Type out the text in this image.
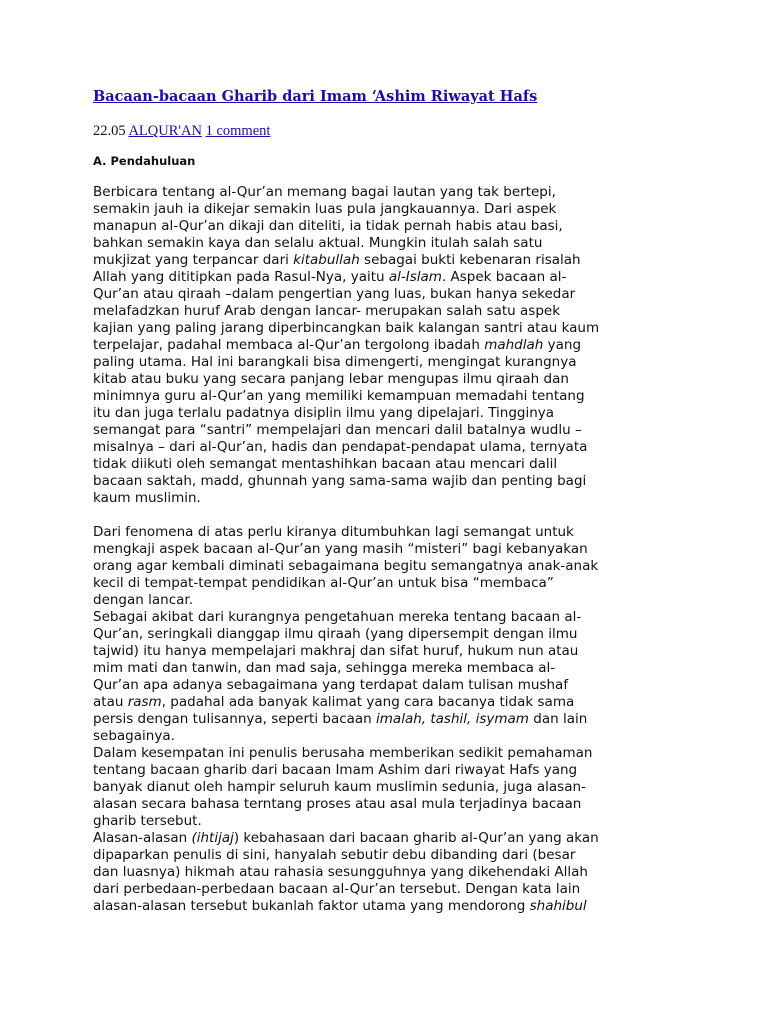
Bacaan-bacaan Gharib dari Imam ‘Ashim Riwayat Hafs
22.05 ALQUR'AN 1 comment
A. Pendahuluan

Berbicara tentang al-Qur’an memang bagai lautan yang tak bertepi,
semakin jauh ia dikejar semakin luas pula jangkauannya. Dari aspek
manapun al-Qur’an dikaji dan diteliti, ia tidak pernah habis atau basi,
bahkan semakin kaya dan selalu aktual. Mungkin itulah salah satu
mukjizat yang terpancar dari kitabullah sebagai bukti kebenaran risalah
Allah yang dititipkan pada Rasul-Nya, yaitu al-Islam. Aspek bacaan al-
Qur’an atau qiraah –dalam pengertian yang luas, bukan hanya sekedar
melafadzkan huruf Arab dengan lancar- merupakan salah satu aspek
kajian yang paling jarang diperbincangkan baik kalangan santri atau kaum
terpelajar, padahal membaca al-Qur’an tergolong ibadah mahdlah yang
paling utama. Hal ini barangkali bisa dimengerti, mengingat kurangnya
kitab atau buku yang secara panjang lebar mengupas ilmu qiraah dan
minimnya guru al-Qur’an yang memiliki kemampuan memadahi tentang
itu dan juga terlalu padatnya disiplin ilmu yang dipelajari. Tingginya
semangat para “santri” mempelajari dan mencari dalil batalnya wudlu –
misalnya – dari al-Qur’an, hadis dan pendapat-pendapat ulama, ternyata
tidak diikuti oleh semangat mentashihkan bacaan atau mencari dalil
bacaan saktah, madd, ghunnah yang sama-sama wajib dan penting bagi
kaum muslimin.

Dari fenomena di atas perlu kiranya ditumbuhkan lagi semangat untuk
mengkaji aspek bacaan al-Qur’an yang masih “misteri” bagi kebanyakan
orang agar kembali diminati sebagaimana begitu semangatnya anak-anak
kecil di tempat-tempat pendidikan al-Qur’an untuk bisa “membaca”
dengan lancar.
Sebagai akibat dari kurangnya pengetahuan mereka tentang bacaan al-
Qur’an, seringkali dianggap ilmu qiraah (yang dipersempit dengan ilmu
tajwid) itu hanya mempelajari makhraj dan sifat huruf, hukum nun atau
mim mati dan tanwin, dan mad saja, sehingga mereka membaca al-
Qur’an apa adanya sebagaimana yang terdapat dalam tulisan mushaf
atau rasm, padahal ada banyak kalimat yang cara bacanya tidak sama
persis dengan tulisannya, seperti bacaan imalah, tashil, isymam dan lain
sebagainya.
Dalam kesempatan ini penulis berusaha memberikan sedikit pemahaman
tentang bacaan gharib dari bacaan Imam Ashim dari riwayat Hafs yang
banyak dianut oleh hampir seluruh kaum muslimin sedunia, juga alasan-
alasan secara bahasa terntang proses atau asal mula terjadinya bacaan
gharib tersebut.
Alasan-alasan (ihtijaj) kebahasaan dari bacaan gharib al-Qur’an yang akan
dipaparkan penulis di sini, hanyalah sebutir debu dibanding dari (besar
dan luasnya) hikmah atau rahasia sesungguhnya yang dikehendaki Allah
dari perbedaan-perbedaan bacaan al-Qur’an tersebut. Dengan kata lain
alasan-alasan tersebut bukanlah faktor utama yang mendorong shahibul
